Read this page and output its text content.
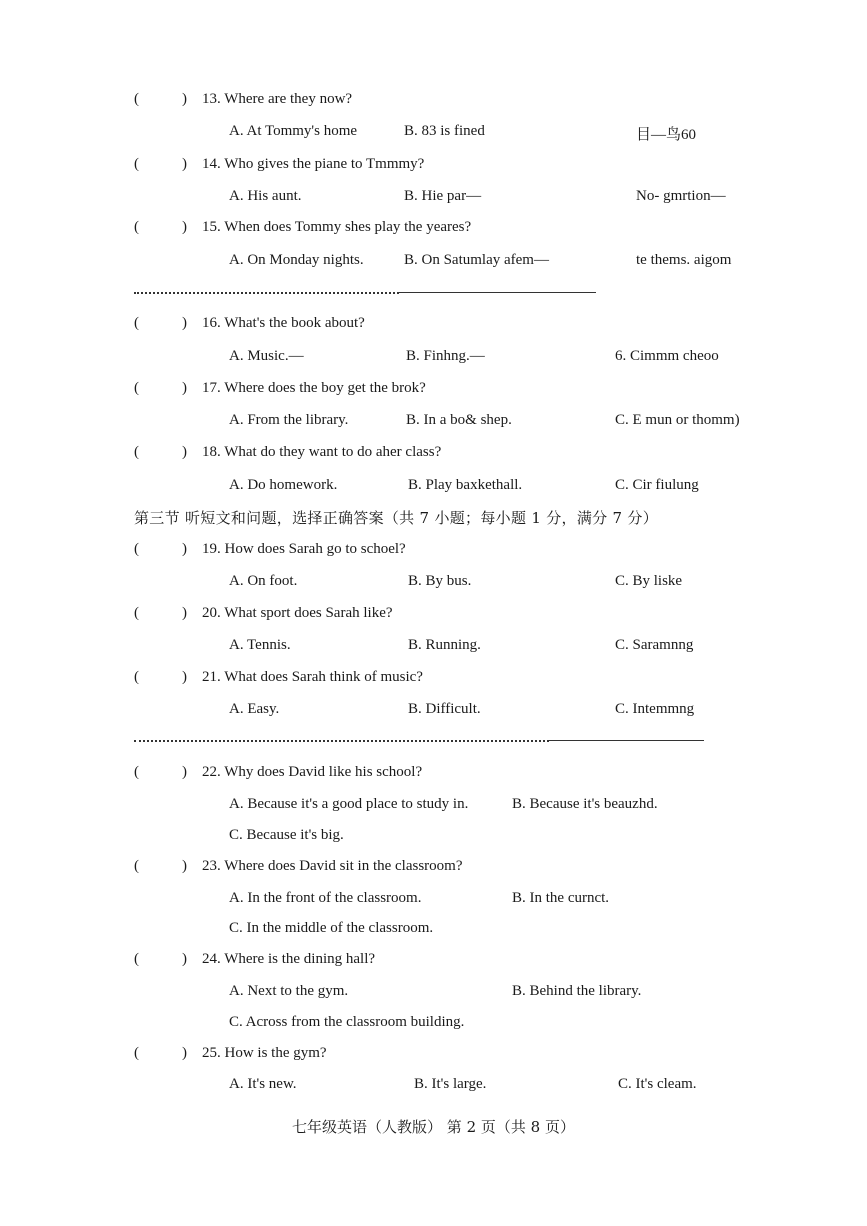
(	) 13. Where are they now?
A. At Tommy's home	B. 83 is fined	目—鸟60
(	) 14. Who gives the piane to Tmmmy?
A. His aunt.	B. Hie par—	No- gmrtion—
(	) 15. When does Tommy shes play the yeares?
A. On Monday nights.	B. On Satumlay afem—	te thems. aigom
(	) 16. What's the book about?
A. Music.—	B. Finhng.—	6. Cimmm cheoo
(	) 17. Where does the boy get the brok?
A. From the library.	B. In a bo& shep.	C. E mun or thomm)
(	) 18. What do they want to do aher class?
A. Do homework.	B. Play baxkethall.	C. Cir fiulung
第三节 听短文和问题，选择正确答案（共 7 小题；每小题 1 分，满分 7 分）
(	) 19. How does Sarah go to schoel?
A. On foot.	B. By bus.	C. By liske
(	) 20. What sport does Sarah like?
A. Tennis.	B. Running.	C. Saramnng
(	) 21. What does Sarah think of music?
A. Easy.	B. Difficult.	C. Intemmng
(	) 22. Why does David like his school?
A. Because it's a good place to study in.	B. Because it's beauzhd.
C. Because it's big.
(	) 23. Where does David sit in the classroom?
A. In the front of the classroom.	B. In the curnct.
C. In the middle of the classroom.
(	) 24. Where is the dining hall?
A. Next to the gym.	B. Behind the library.
C. Across from the classroom building.
(	) 25. How is the gym?
A. It's new.	B. It's large.	C. It's cleam.
七年级英语（人教版） 第 2 页（共 8 页）
